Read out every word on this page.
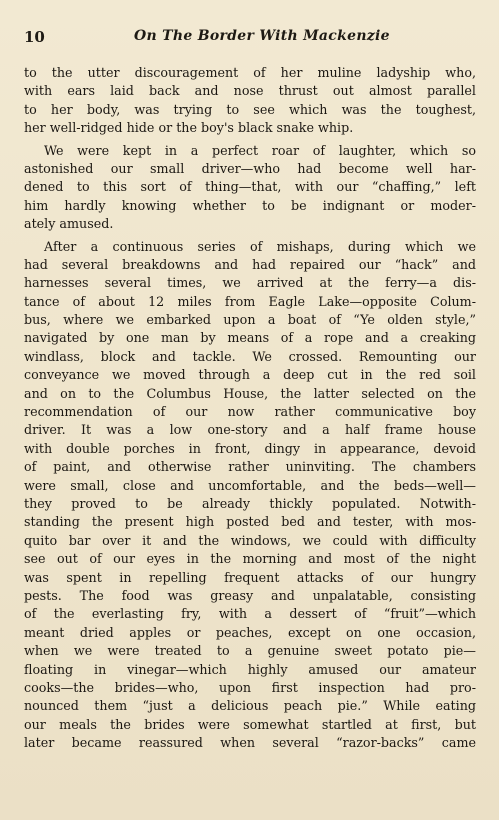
10	On The Border With Mackenzie

to the utter discouragement of her muline ladyship who,
with ears laid back and nose thrust out almost parallel
to her body, was trying to see which was the toughest,
her well-ridged hide or the boy's black snake whip.

We were kept in a perfect roar of laughter, which so
astonished our small driver—who had become well har-
dened to this sort of thing—that, with our “chaffing,” left
him hardly knowing whether to be indignant or moder-
ately amused.

After a continuous series of mishaps, during which we
had several breakdowns and had repaired our “hack” and
harnesses several times, we arrived at the ferry—a dis-
tance of about 12 miles from Eagle Lake—opposite Colum-
bus, where we embarked upon a boat of “Ye olden style,”
navigated by one man by means of a rope and a creaking
windlass, block and tackle. We crossed. Remounting our
conveyance we moved through a deep cut in the red soil
and on to the Columbus House, the latter selected on the
recommendation of our now rather communicative boy
driver. It was a low one-story and a half frame house
with double porches in front, dingy in appearance, devoid
of paint, and otherwise rather uninviting. The chambers
were small, close and uncomfortable, and the beds—well—
they proved to be already thickly populated. Notwith-
standing the present high posted bed and tester, with mos-
quito bar over it and the windows, we could with difficulty
see out of our eyes in the morning and most of the night
was spent in repelling frequent attacks of our hungry
pests. The food was greasy and unpalatable, consisting
of the everlasting fry, with a dessert of “fruit”—which
meant dried apples or peaches, except on one occasion,
when we were treated to a genuine sweet potato pie—
floating in vinegar—which highly amused our amateur
cooks—the brides—who, upon first inspection had pro-
nounced them “just a delicious peach pie.” While eating
our meals the brides were somewhat startled at first, but
later became reassured when several “razor-backs” came
